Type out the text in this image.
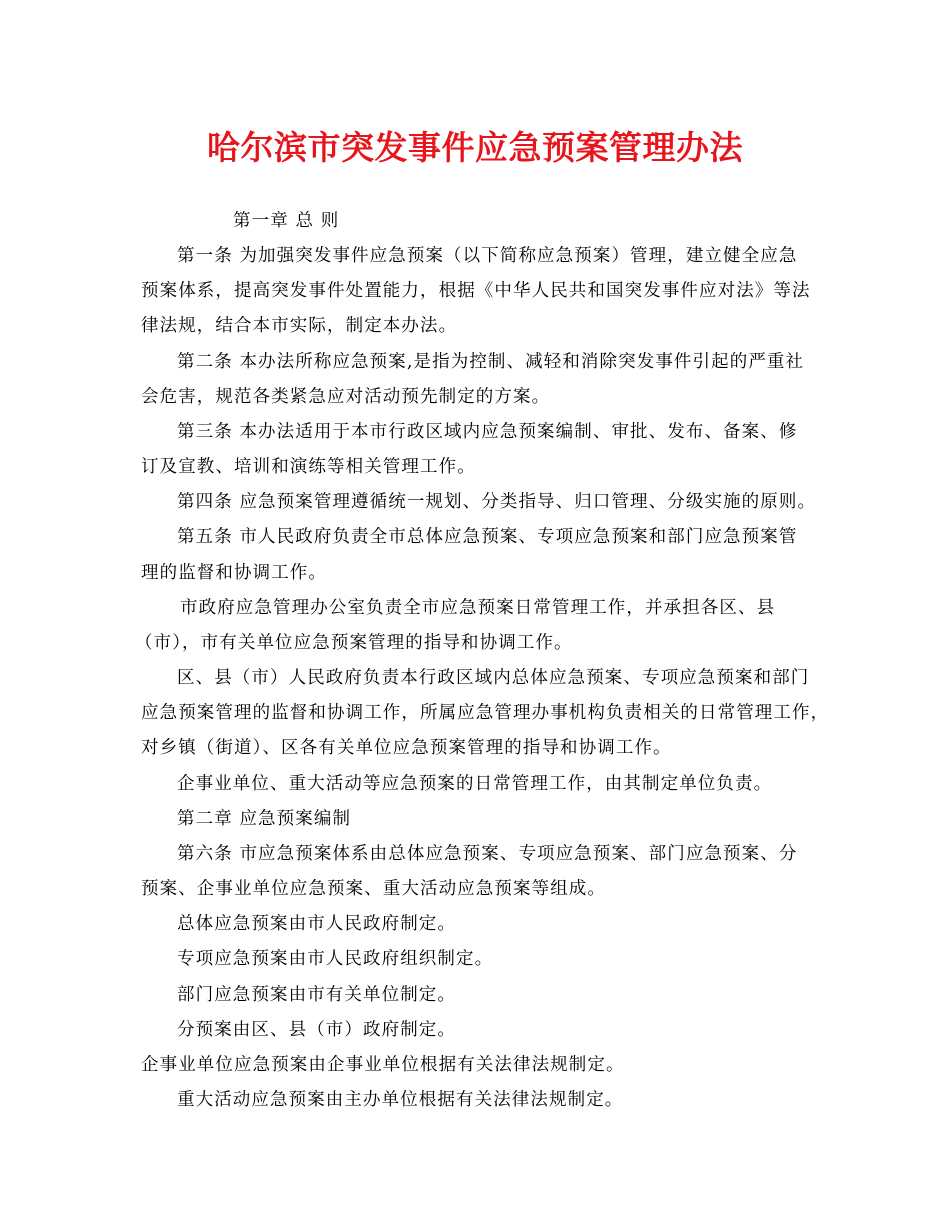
哈尔滨市突发事件应急预案管理办法
第一章 总 则
第一条 为加强突发事件应急预案（以下简称应急预案）管理，建立健全应急
预案体系，提高突发事件处置能力，根据《中华人民共和国突发事件应对法》等法
律法规，结合本市实际，制定本办法。
第二条 本办法所称应急预案,是指为控制、减轻和消除突发事件引起的严重社
会危害，规范各类紧急应对活动预先制定的方案。
第三条 本办法适用于本市行政区域内应急预案编制、审批、发布、备案、修
订及宣教、培训和演练等相关管理工作。
第四条 应急预案管理遵循统一规划、分类指导、归口管理、分级实施的原则。
第五条 市人民政府负责全市总体应急预案、专项应急预案和部门应急预案管
理的监督和协调工作。
市政府应急管理办公室负责全市应急预案日常管理工作，并承担各区、县
（市），市有关单位应急预案管理的指导和协调工作。
区、县（市）人民政府负责本行政区域内总体应急预案、专项应急预案和部门
应急预案管理的监督和协调工作，所属应急管理办事机构负责相关的日常管理工作，
对乡镇（街道）、区各有关单位应急预案管理的指导和协调工作。
企事业单位、重大活动等应急预案的日常管理工作，由其制定单位负责。
第二章 应急预案编制
第六条 市应急预案体系由总体应急预案、专项应急预案、部门应急预案、分
预案、企事业单位应急预案、重大活动应急预案等组成。
总体应急预案由市人民政府制定。
专项应急预案由市人民政府组织制定。
部门应急预案由市有关单位制定。
分预案由区、县（市）政府制定。
企事业单位应急预案由企事业单位根据有关法律法规制定。
重大活动应急预案由主办单位根据有关法律法规制定。
